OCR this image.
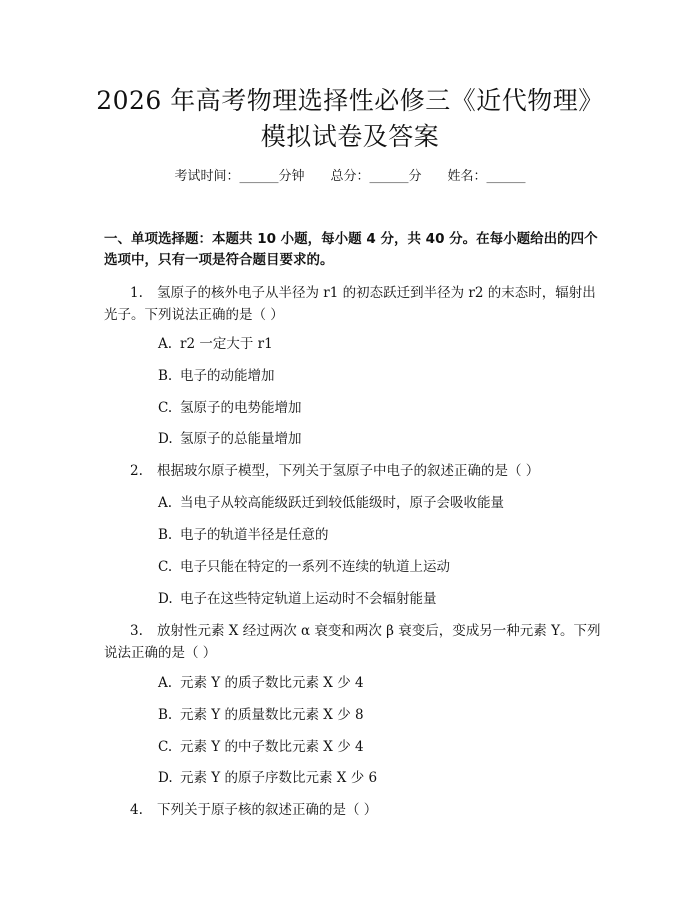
2026 年高考物理选择性必修三《近代物理》
模拟试卷及答案
考试时间：______分钟 总分：______分 姓名：______
一、单项选择题：本题共 10 小题，每小题 4 分，共 40 分。在每小题给出的四个选项中，只有一项是符合题目要求的。
1. 氢原子的核外电子从半径为 r1 的初态跃迁到半径为 r2 的末态时，辐射出光子。下列说法正确的是（ ）
A. r2 一定大于 r1
B. 电子的动能增加
C. 氢原子的电势能增加
D. 氢原子的总能量增加
2. 根据玻尔原子模型，下列关于氢原子中电子的叙述正确的是（ ）
A. 当电子从较高能级跃迁到较低能级时，原子会吸收能量
B. 电子的轨道半径是任意的
C. 电子只能在特定的一系列不连续的轨道上运动
D. 电子在这些特定轨道上运动时不会辐射能量
3. 放射性元素 X 经过两次 α 衰变和两次 β 衰变后，变成另一种元素 Y。下列说法正确的是（ ）
A. 元素 Y 的质子数比元素 X 少 4
B. 元素 Y 的质量数比元素 X 少 8
C. 元素 Y 的中子数比元素 X 少 4
D. 元素 Y 的原子序数比元素 X 少 6
4. 下列关于原子核的叙述正确的是（ ）
